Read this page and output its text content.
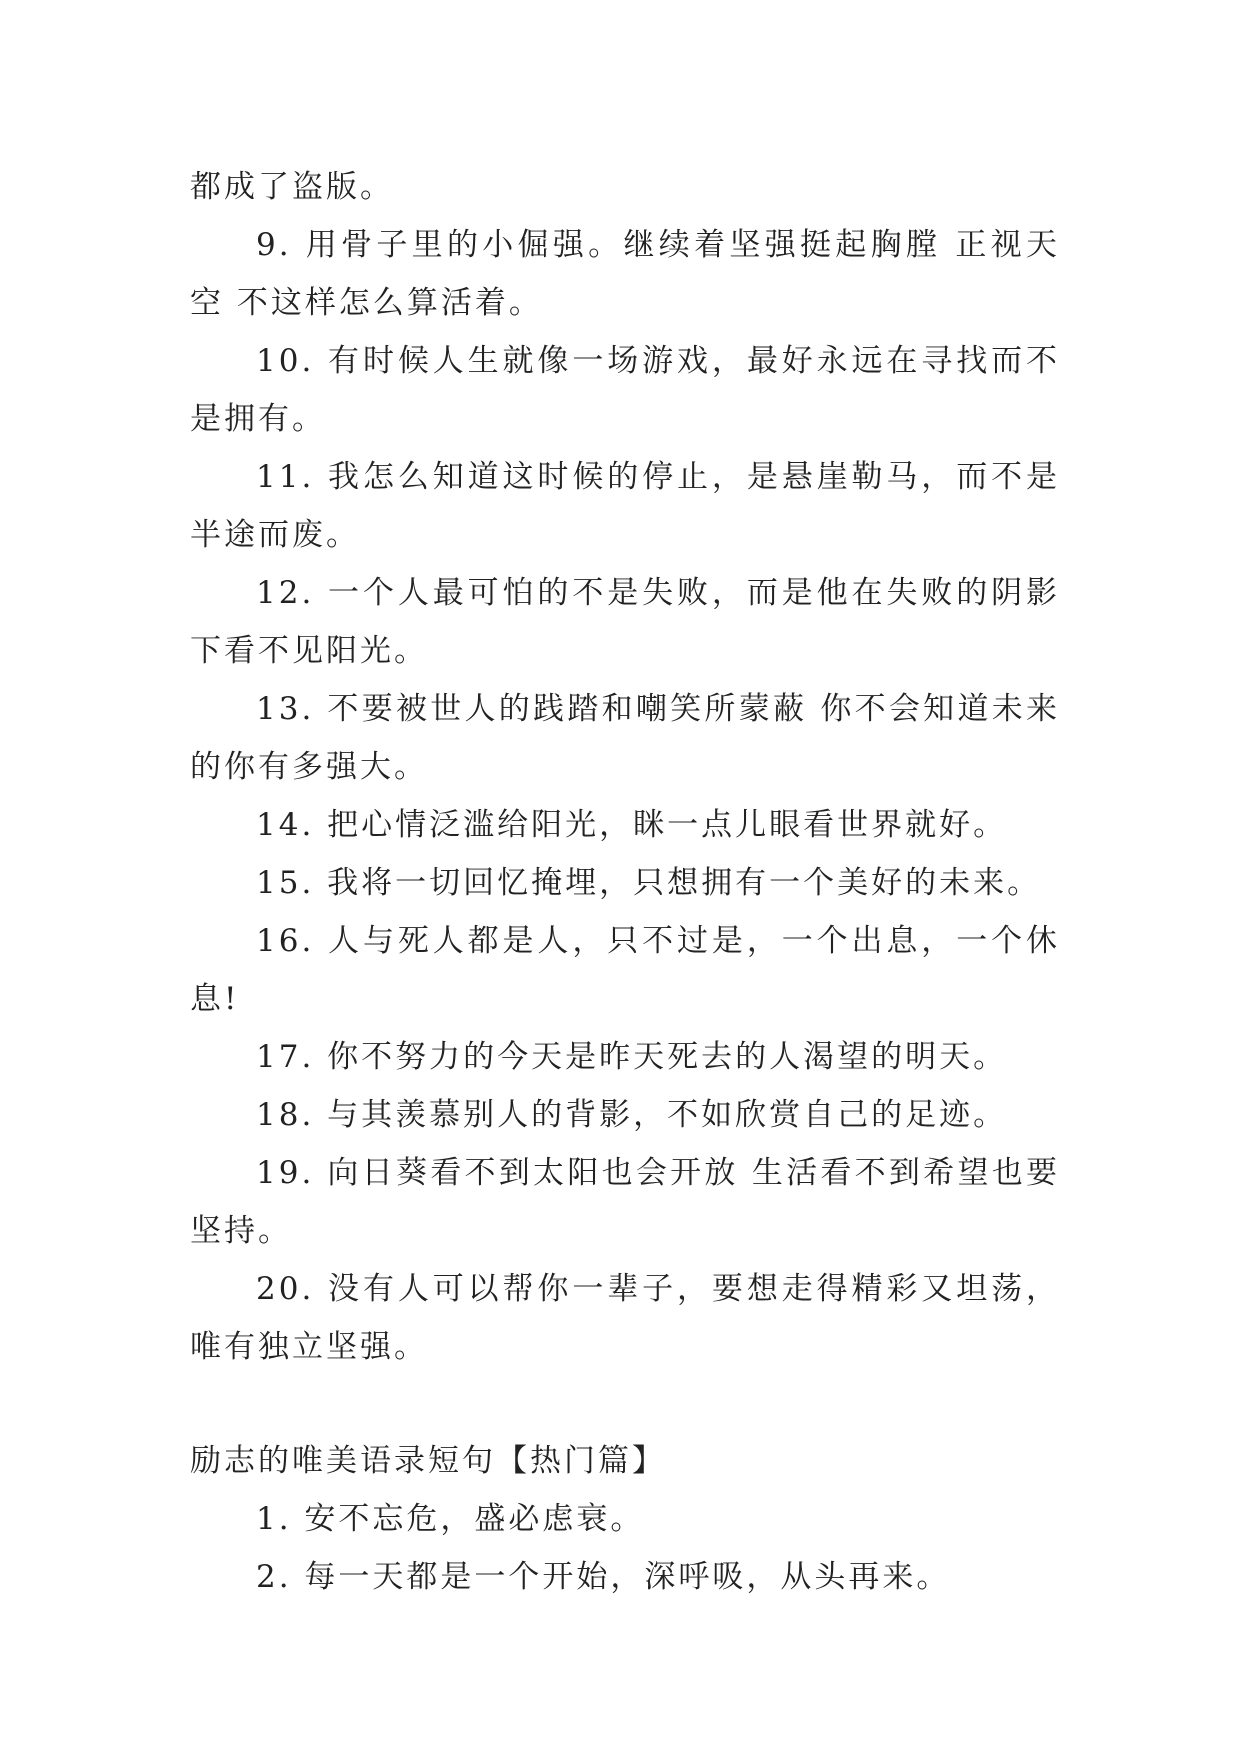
都成了盗版。

9. 用骨子里的小倔强。继续着坚强挺起胸膛 正视天空 不这样怎么算活着。

10. 有时候人生就像一场游戏，最好永远在寻找而不是拥有。

11. 我怎么知道这时候的停止，是悬崖勒马，而不是半途而废。

12. 一个人最可怕的不是失败，而是他在失败的阴影下看不见阳光。

13. 不要被世人的践踏和嘲笑所蒙蔽 你不会知道未来的你有多强大。

14. 把心情泛滥给阳光，眯一点儿眼看世界就好。

15. 我将一切回忆掩埋，只想拥有一个美好的未来。

16. 人与死人都是人，只不过是，一个出息，一个休息!

17. 你不努力的今天是昨天死去的人渴望的明天。

18. 与其羡慕别人的背影，不如欣赏自己的足迹。

19. 向日葵看不到太阳也会开放 生活看不到希望也要坚持。

20. 没有人可以帮你一辈子，要想走得精彩又坦荡，唯有独立坚强。

励志的唯美语录短句【热门篇】

1. 安不忘危，盛必虑衰。

2. 每一天都是一个开始，深呼吸，从头再来。
